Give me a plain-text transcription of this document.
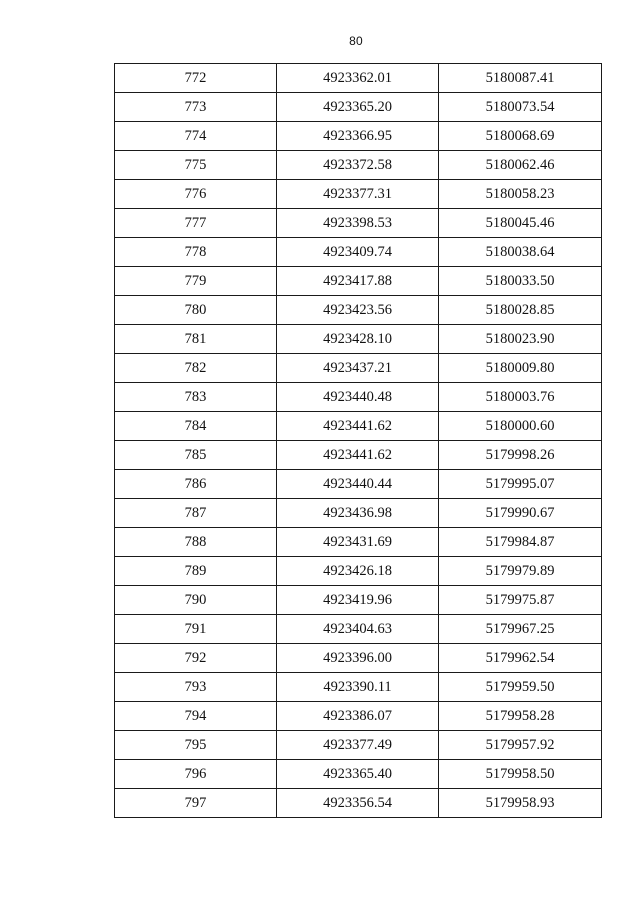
80
772	4923362.01	5180087.41
773	4923365.20	5180073.54
774	4923366.95	5180068.69
775	4923372.58	5180062.46
776	4923377.31	5180058.23
777	4923398.53	5180045.46
778	4923409.74	5180038.64
779	4923417.88	5180033.50
780	4923423.56	5180028.85
781	4923428.10	5180023.90
782	4923437.21	5180009.80
783	4923440.48	5180003.76
784	4923441.62	5180000.60
785	4923441.62	5179998.26
786	4923440.44	5179995.07
787	4923436.98	5179990.67
788	4923431.69	5179984.87
789	4923426.18	5179979.89
790	4923419.96	5179975.87
791	4923404.63	5179967.25
792	4923396.00	5179962.54
793	4923390.11	5179959.50
794	4923386.07	5179958.28
795	4923377.49	5179957.92
796	4923365.40	5179958.50
797	4923356.54	5179958.93
